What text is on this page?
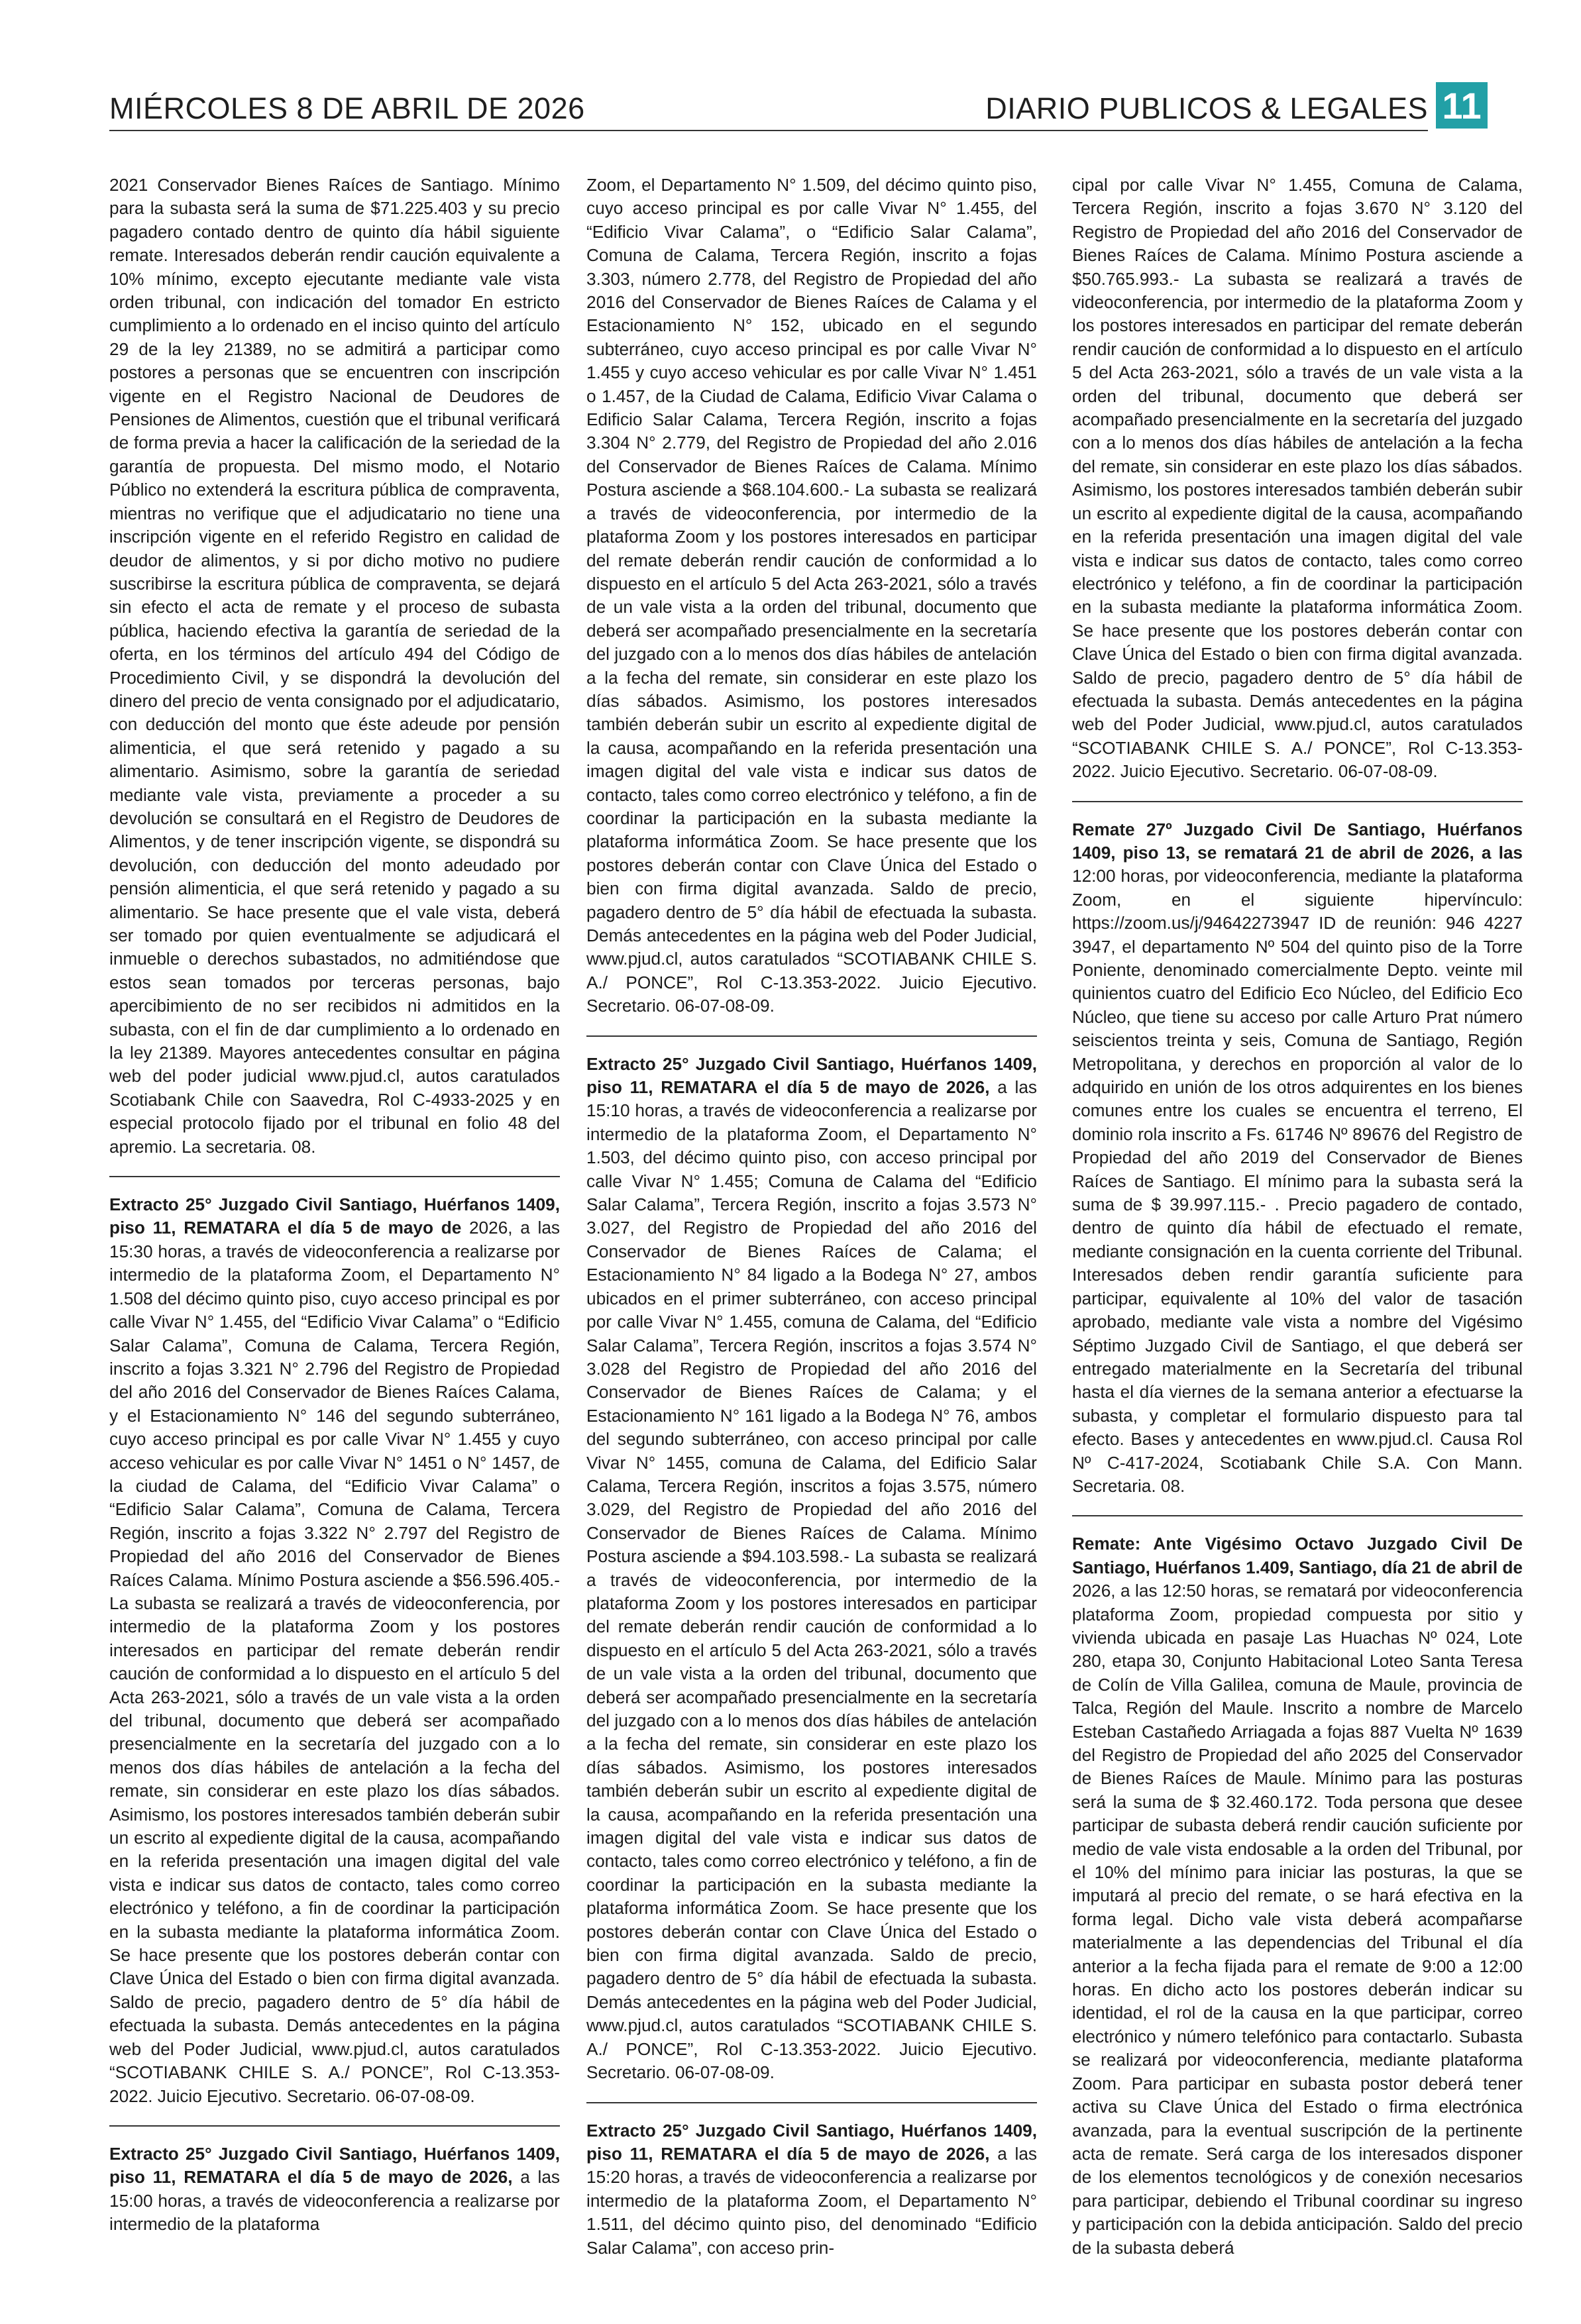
MIÉRCOLES 8 DE ABRIL DE 2026	DIARIO PUBLICOS & LEGALES 11

2021 Conservador Bienes Raíces de Santiago. Mínimo para la subasta será la suma de $71.225.403 y su precio pagadero contado dentro de quinto día hábil siguiente remate. Interesados deberán rendir caución equivalente a 10% mínimo, excepto ejecutante mediante vale vista orden tribunal, con indicación del tomador En estricto cumplimiento a lo ordenado en el inciso quinto del artículo 29 de la ley 21389, no se admitirá a participar como postores a personas que se encuentren con inscripción vigente en el Registro Nacional de Deudores de Pensiones de Alimentos, cuestión que el tribunal verificará de forma previa a hacer la calificación de la seriedad de la garantía de propuesta. Del mismo modo, el Notario Público no extenderá la escritura pública de compraventa, mientras no verifique que el adjudicatario no tiene una inscripción vigente en el referido Registro en calidad de deudor de alimentos, y si por dicho motivo no pudiere suscribirse la escritura pública de compraventa, se dejará sin efecto el acta de remate y el proceso de subasta pública, haciendo efectiva la garantía de seriedad de la oferta, en los términos del artículo 494 del Código de Procedimiento Civil, y se dispondrá la devolución del dinero del precio de venta consignado por el adjudicatario, con deducción del monto que éste adeude por pensión alimenticia, el que será retenido y pagado a su alimentario. Asimismo, sobre la garantía de seriedad mediante vale vista, previamente a proceder a su devolución se consultará en el Registro de Deudores de Alimentos, y de tener inscripción vigente, se dispondrá su devolución, con deducción del monto adeudado por pensión alimenticia, el que será retenido y pagado a su alimentario. Se hace presente que el vale vista, deberá ser tomado por quien eventualmente se adjudicará el inmueble o derechos subastados, no admitiéndose que estos sean tomados por terceras personas, bajo apercibimiento de no ser recibidos ni admitidos en la subasta, con el fin de dar cumplimiento a lo ordenado en la ley 21389. Mayores antecedentes consultar en página web del poder judicial www.pjud.cl, autos caratulados Scotiabank Chile con Saavedra, Rol C-4933-2025 y en especial protocolo fijado por el tribunal en folio 48 del apremio. La secretaria. 08.

Extracto 25° Juzgado Civil Santiago, Huérfanos 1409, piso 11, REMATARA el día 5 de mayo de 2026, a las 15:30 horas, a través de videoconferencia a realizarse por intermedio de la plataforma Zoom, el Departamento N° 1.508 del décimo quinto piso, cuyo acceso principal es por calle Vivar N° 1.455, del “Edificio Vivar Calama” o “Edificio Salar Calama”, Comuna de Calama, Tercera Región, inscrito a fojas 3.321 N° 2.796 del Registro de Propiedad del año 2016 del Conservador de Bienes Raíces Calama, y el Estacionamiento N° 146 del segundo subterráneo, cuyo acceso principal es por calle Vivar N° 1.455 y cuyo acceso vehicular es por calle Vivar N° 1451 o N° 1457, de la ciudad de Calama, del “Edificio Vivar Calama” o “Edificio Salar Calama”, Comuna de Calama, Tercera Región, inscrito a fojas 3.322 N° 2.797 del Registro de Propiedad del año 2016 del Conservador de Bienes Raíces Calama. Mínimo Postura asciende a $56.596.405.- La subasta se realizará a través de videoconferencia, por intermedio de la plataforma Zoom y los postores interesados en participar del remate deberán rendir caución de conformidad a lo dispuesto en el artículo 5 del Acta 263-2021, sólo a través de un vale vista a la orden del tribunal, documento que deberá ser acompañado presencialmente en la secretaría del juzgado con a lo menos dos días hábiles de antelación a la fecha del remate, sin considerar en este plazo los días sábados. Asimismo, los postores interesados también deberán subir un escrito al expediente digital de la causa, acompañando en la referida presentación una imagen digital del vale vista e indicar sus datos de contacto, tales como correo electrónico y teléfono, a fin de coordinar la participación en la subasta mediante la plataforma informática Zoom. Se hace presente que los postores deberán contar con Clave Única del Estado o bien con firma digital avanzada. Saldo de precio, pagadero dentro de 5° día hábil de efectuada la subasta. Demás antecedentes en la página web del Poder Judicial, www.pjud.cl, autos caratulados “SCOTIABANK CHILE S. A./ PONCE”, Rol C-13.353-2022. Juicio Ejecutivo. Secretario. 06-07-08-09.

Extracto 25° Juzgado Civil Santiago, Huérfanos 1409, piso 11, REMATARA el día 5 de mayo de 2026, a las 15:00 horas, a través de videoconferencia a realizarse por intermedio de la plataforma

Zoom, el Departamento N° 1.509, del décimo quinto piso, cuyo acceso principal es por calle Vivar N° 1.455, del “Edificio Vivar Calama”, o “Edificio Salar Calama”, Comuna de Calama, Tercera Región, inscrito a fojas 3.303, número 2.778, del Registro de Propiedad del año 2016 del Conservador de Bienes Raíces de Calama y el Estacionamiento N° 152, ubicado en el segundo subterráneo, cuyo acceso principal es por calle Vivar N° 1.455 y cuyo acceso vehicular es por calle Vivar N° 1.451 o 1.457, de la Ciudad de Calama, Edificio Vivar Calama o Edificio Salar Calama, Tercera Región, inscrito a fojas 3.304 N° 2.779, del Registro de Propiedad del año 2.016 del Conservador de Bienes Raíces de Calama. Mínimo Postura asciende a $68.104.600.- La subasta se realizará a través de videoconferencia, por intermedio de la plataforma Zoom y los postores interesados en participar del remate deberán rendir caución de conformidad a lo dispuesto en el artículo 5 del Acta 263-2021, sólo a través de un vale vista a la orden del tribunal, documento que deberá ser acompañado presencialmente en la secretaría del juzgado con a lo menos dos días hábiles de antelación a la fecha del remate, sin considerar en este plazo los días sábados. Asimismo, los postores interesados también deberán subir un escrito al expediente digital de la causa, acompañando en la referida presentación una imagen digital del vale vista e indicar sus datos de contacto, tales como correo electrónico y teléfono, a fin de coordinar la participación en la subasta mediante la plataforma informática Zoom. Se hace presente que los postores deberán contar con Clave Única del Estado o bien con firma digital avanzada. Saldo de precio, pagadero dentro de 5° día hábil de efectuada la subasta. Demás antecedentes en la página web del Poder Judicial, www.pjud.cl, autos caratulados “SCOTIABANK CHILE S. A./ PONCE”, Rol C-13.353-2022. Juicio Ejecutivo. Secretario. 06-07-08-09.

Extracto 25° Juzgado Civil Santiago, Huérfanos 1409, piso 11, REMATARA el día 5 de mayo de 2026, a las 15:10 horas, a través de videoconferencia a realizarse por intermedio de la plataforma Zoom, el Departamento N° 1.503, del décimo quinto piso, con acceso principal por calle Vivar N° 1.455; Comuna de Calama del “Edificio Salar Calama”, Tercera Región, inscrito a fojas 3.573 N° 3.027, del Registro de Propiedad del año 2016 del Conservador de Bienes Raíces de Calama; el Estacionamiento N° 84 ligado a la Bodega N° 27, ambos ubicados en el primer subterráneo, con acceso principal por calle Vivar N° 1.455, comuna de Calama, del “Edificio Salar Calama”, Tercera Región, inscritos a fojas 3.574 N° 3.028 del Registro de Propiedad del año 2016 del Conservador de Bienes Raíces de Calama; y el Estacionamiento N° 161 ligado a la Bodega N° 76, ambos del segundo subterráneo, con acceso principal por calle Vivar N° 1455, comuna de Calama, del Edificio Salar Calama, Tercera Región, inscritos a fojas 3.575, número 3.029, del Registro de Propiedad del año 2016 del Conservador de Bienes Raíces de Calama. Mínimo Postura asciende a $94.103.598.- La subasta se realizará a través de videoconferencia, por intermedio de la plataforma Zoom y los postores interesados en participar del remate deberán rendir caución de conformidad a lo dispuesto en el artículo 5 del Acta 263-2021, sólo a través de un vale vista a la orden del tribunal, documento que deberá ser acompañado presencialmente en la secretaría del juzgado con a lo menos dos días hábiles de antelación a la fecha del remate, sin considerar en este plazo los días sábados. Asimismo, los postores interesados también deberán subir un escrito al expediente digital de la causa, acompañando en la referida presentación una imagen digital del vale vista e indicar sus datos de contacto, tales como correo electrónico y teléfono, a fin de coordinar la participación en la subasta mediante la plataforma informática Zoom. Se hace presente que los postores deberán contar con Clave Única del Estado o bien con firma digital avanzada. Saldo de precio, pagadero dentro de 5° día hábil de efectuada la subasta. Demás antecedentes en la página web del Poder Judicial, www.pjud.cl, autos caratulados “SCOTIABANK CHILE S. A./ PONCE”, Rol C-13.353-2022. Juicio Ejecutivo. Secretario. 06-07-08-09.

Extracto 25° Juzgado Civil Santiago, Huérfanos 1409, piso 11, REMATARA el día 5 de mayo de 2026, a las 15:20 horas, a través de videoconferencia a realizarse por intermedio de la plataforma Zoom, el Departamento N° 1.511, del décimo quinto piso, del denominado “Edificio Salar Calama”, con acceso prin-

cipal por calle Vivar N° 1.455, Comuna de Calama, Tercera Región, inscrito a fojas 3.670 N° 3.120 del Registro de Propiedad del año 2016 del Conservador de Bienes Raíces de Calama. Mínimo Postura asciende a $50.765.993.- La subasta se realizará a través de videoconferencia, por intermedio de la plataforma Zoom y los postores interesados en participar del remate deberán rendir caución de conformidad a lo dispuesto en el artículo 5 del Acta 263-2021, sólo a través de un vale vista a la orden del tribunal, documento que deberá ser acompañado presencialmente en la secretaría del juzgado con a lo menos dos días hábiles de antelación a la fecha del remate, sin considerar en este plazo los días sábados. Asimismo, los postores interesados también deberán subir un escrito al expediente digital de la causa, acompañando en la referida presentación una imagen digital del vale vista e indicar sus datos de contacto, tales como correo electrónico y teléfono, a fin de coordinar la participación en la subasta mediante la plataforma informática Zoom. Se hace presente que los postores deberán contar con Clave Única del Estado o bien con firma digital avanzada. Saldo de precio, pagadero dentro de 5° día hábil de efectuada la subasta. Demás antecedentes en la página web del Poder Judicial, www.pjud.cl, autos caratulados “SCOTIABANK CHILE S. A./ PONCE”, Rol C-13.353-2022. Juicio Ejecutivo. Secretario. 06-07-08-09.

Remate 27º Juzgado Civil De Santiago, Huérfanos 1409, piso 13, se rematará 21 de abril de 2026, a las 12:00 horas, por videoconferencia, mediante la plataforma Zoom, en el siguiente hipervínculo: https://zoom.us/j/94642273947 ID de reunión: 946 4227 3947, el departamento Nº 504 del quinto piso de la Torre Poniente, denominado comercialmente Depto. veinte mil quinientos cuatro del Edificio Eco Núcleo, del Edificio Eco Núcleo, que tiene su acceso por calle Arturo Prat número seiscientos treinta y seis, Comuna de Santiago, Región Metropolitana, y derechos en proporción al valor de lo adquirido en unión de los otros adquirentes en los bienes comunes entre los cuales se encuentra el terreno, El dominio rola inscrito a Fs. 61746 Nº 89676 del Registro de Propiedad del año 2019 del Conservador de Bienes Raíces de Santiago. El mínimo para la subasta será la suma de $ 39.997.115.- . Precio pagadero de contado, dentro de quinto día hábil de efectuado el remate, mediante consignación en la cuenta corriente del Tribunal. Interesados deben rendir garantía suficiente para participar, equivalente al 10% del valor de tasación aprobado, mediante vale vista a nombre del Vigésimo Séptimo Juzgado Civil de Santiago, el que deberá ser entregado materialmente en la Secretaría del tribunal hasta el día viernes de la semana anterior a efectuarse la subasta, y completar el formulario dispuesto para tal efecto. Bases y antecedentes en www.pjud.cl. Causa Rol Nº C-417-2024, Scotiabank Chile S.A. Con Mann. Secretaria. 08.

Remate: Ante Vigésimo Octavo Juzgado Civil De Santiago, Huérfanos 1.409, Santiago, día 21 de abril de 2026, a las 12:50 horas, se rematará por videoconferencia plataforma Zoom, propiedad compuesta por sitio y vivienda ubicada en pasaje Las Huachas Nº 024, Lote 280, etapa 30, Conjunto Habitacional Loteo Santa Teresa de Colín de Villa Galilea, comuna de Maule, provincia de Talca, Región del Maule. Inscrito a nombre de Marcelo Esteban Castañedo Arriagada a fojas 887 Vuelta Nº 1639 del Registro de Propiedad del año 2025 del Conservador de Bienes Raíces de Maule. Mínimo para las posturas será la suma de $ 32.460.172. Toda persona que desee participar de subasta deberá rendir caución suficiente por medio de vale vista endosable a la orden del Tribunal, por el 10% del mínimo para iniciar las posturas, la que se imputará al precio del remate, o se hará efectiva en la forma legal. Dicho vale vista deberá acompañarse materialmente a las dependencias del Tribunal el día anterior a la fecha fijada para el remate de 9:00 a 12:00 horas. En dicho acto los postores deberán indicar su identidad, el rol de la causa en la que participar, correo electrónico y número telefónico para contactarlo. Subasta se realizará por videoconferencia, mediante plataforma Zoom. Para participar en subasta postor deberá tener activa su Clave Única del Estado o firma electrónica avanzada, para la eventual suscripción de la pertinente acta de remate. Será carga de los interesados disponer de los elementos tecnológicos y de conexión necesarios para participar, debiendo el Tribunal coordinar su ingreso y participación con la debida anticipación. Saldo del precio de la subasta deberá
